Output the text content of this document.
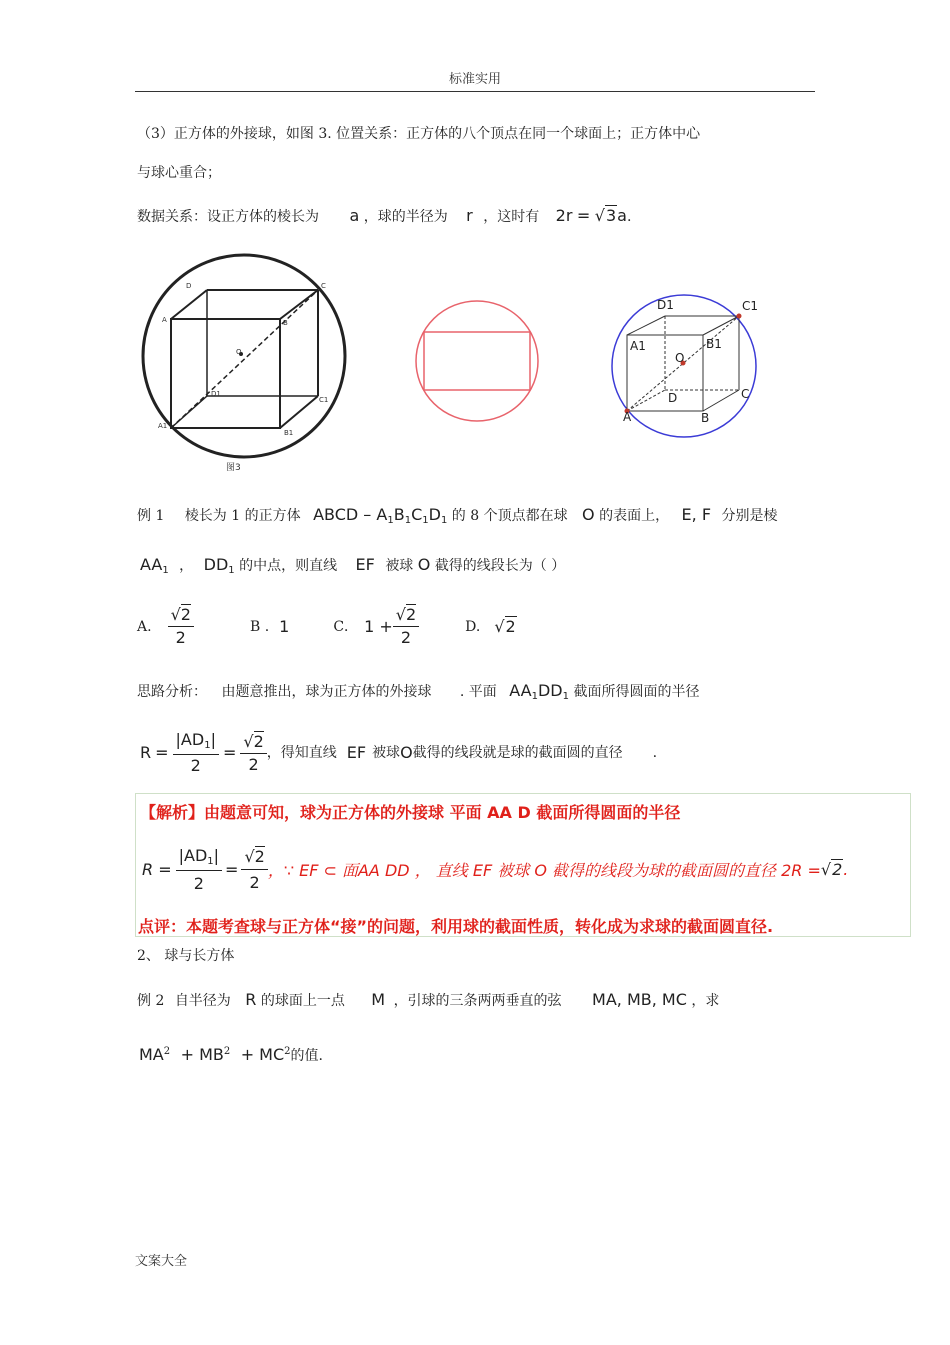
标准实用
（3）正方体的外接球，如图 3. 位置关系：正方体的八个顶点在同一个球面上；正方体中心
与球心重合；
数据关系：设正方体的棱长为 a ，球的半径为 r ，这时有 2r = √3a.
D	C
A	B
O
D1
C1
A1
B1
图3
D1	C1
A1	B1
O
D	C
A	B
例 1 棱长为 1 的正方体 ABCD – $A_1B_1C_1D_1$ 的 8 个顶点都在球 O 的表面上， E, F 分别是棱
$AA_1$ ， $DD_1$ 的中点，则直线 EF 被球 O 截得的线段长为（ ）
A. $\frac{√2}{2}$	B . 1	C． $1 + \frac{√2}{2}$	D. √2
思路分析： 由题意推出，球为正方体的外接球 . 平面 $AA_1DD_1$ 截面所得圆面的半径
$R = \frac{|AD_1|}{2} = \frac{√2}{2}$ ，得知直线 EF 被球 O 截得的线段就是球的截面圆的直径 .
【解析】由题意可知，球为正方体的外接球 平面 AA D 截面所得圆面的半径
$R = \frac{|AD_1|}{2} = \frac{√2}{2}$ ，∵ EF ⊂ 面AA DD ， 直线 EF 被球 O 截得的线段为球的截面圆的直径 2R = √2 .
点评：本题考查球与正方体“接”的问题，利用球的截面性质，转化成为求球的截面圆直径.
2、 球与长方体
例 2 自半径为 R 的球面上一点 M ，引球的三条两两垂直的弦 MA, MB, MC ，求
$MA^2 + MB^2 + MC^2$的值.
文案大全
